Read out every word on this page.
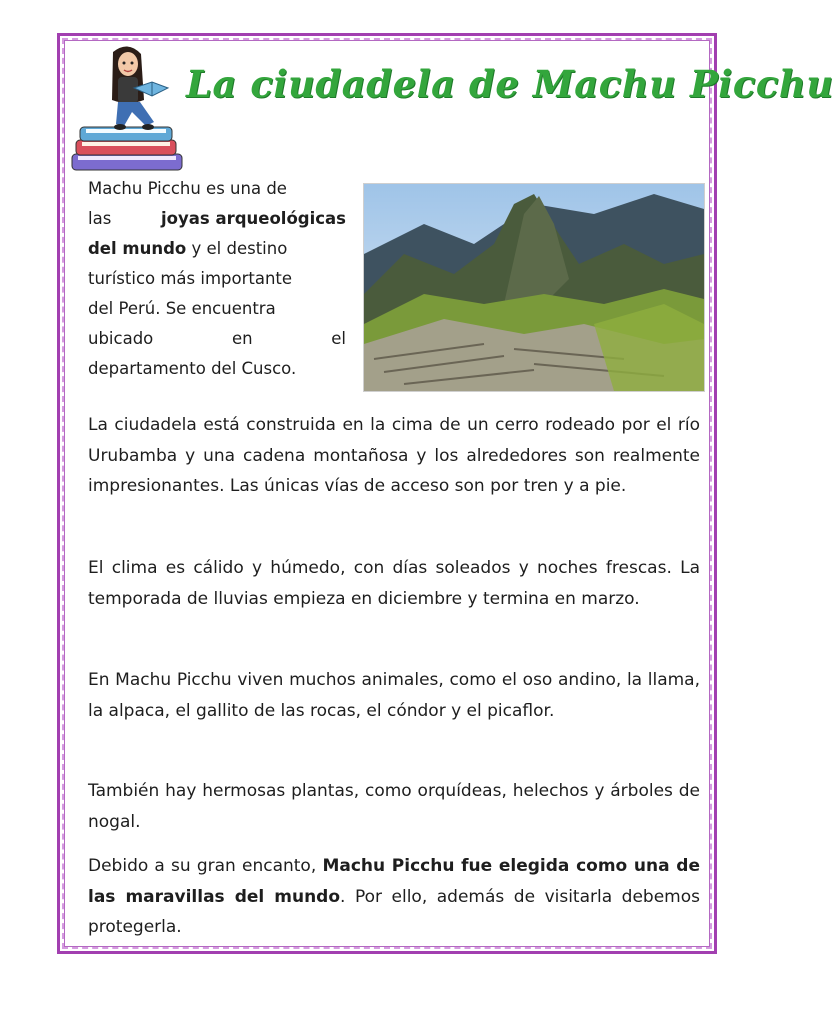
La ciudadela de Machu Picchu
Machu Picchu es una de
las	joyas arqueológicas
del mundo y el destino
turístico más importante
del Perú. Se encuentra
ubicado	en	el
departamento del Cusco.

La ciudadela está construida en la cima de un cerro rodeado por el río Urubamba y una cadena montañosa y los alrededores son realmente impresionantes. Las únicas vías de acceso son por tren y a pie.

El clima es cálido y húmedo, con días soleados y noches frescas. La temporada de lluvias empieza en diciembre y termina en marzo.

En Machu Picchu viven muchos animales, como el oso andino, la llama, la alpaca, el gallito de las rocas, el cóndor y el picaflor.

También hay hermosas plantas, como orquídeas, helechos y árboles de nogal.

Debido a su gran encanto, Machu Picchu fue elegida como una de las maravillas del mundo. Por ello, además de visitarla debemos protegerla.
